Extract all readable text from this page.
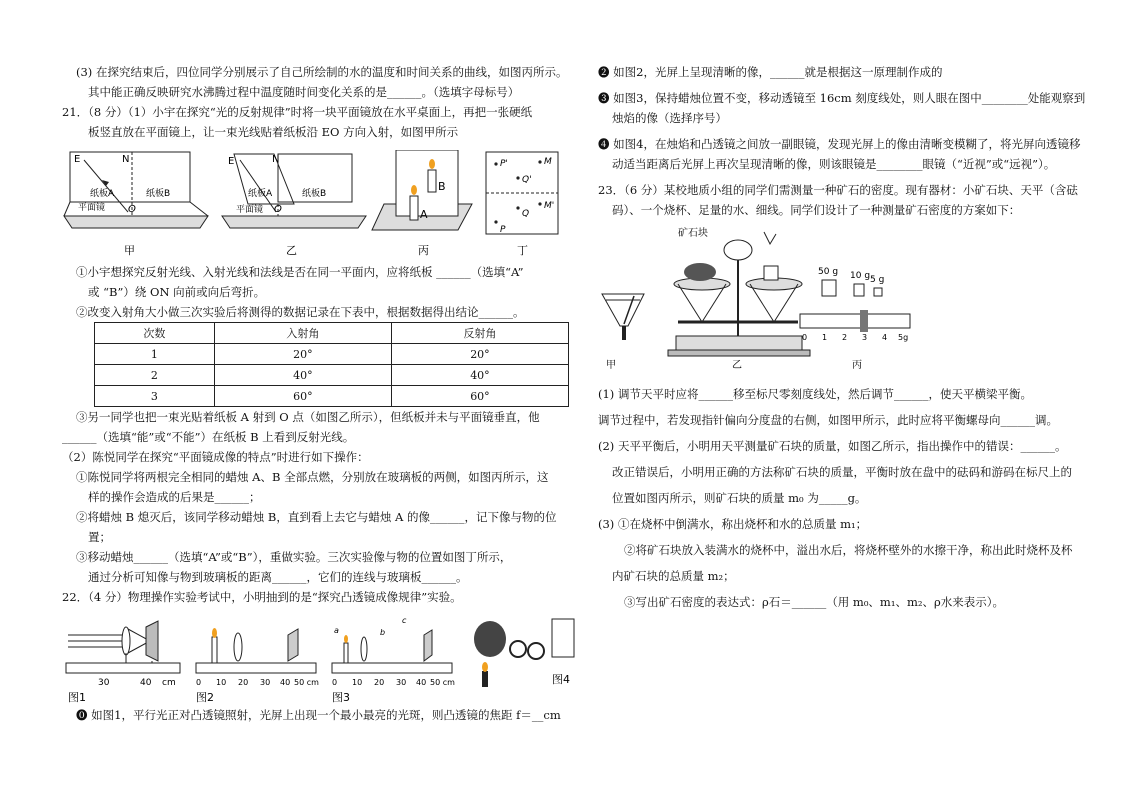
(3) 在探究结束后，四位同学分别展示了自己所绘制的水的温度和时间关系的曲线，如图丙所示。

其中能正确反映研究水沸腾过程中温度随时间变化关系的是______。（选填字母标号）

21．（8 分）（1）小宇在探究“光的反射规律”时将一块平面镜放在水平桌面上，再把一张硬纸

板竖直放在平面镜上，让一束光线贴着纸板沿 EO 方向入射，如图甲所示

E	N
纸板A	纸板B
平面镜 O
甲
E	N
纸板A	纸板B
平面镜 O
乙
B
A
丙
P'	M
Q'
M'
Q
P
丁

①小宇想探究反射光线、入射光线和法线是否在同一平面内，应将纸板 ______（选填“A”

或 “B”）绕 ON 向前或向后弯折。

②改变入射角大小做三次实验后将测得的数据记录在下表中，根据数据得出结论______。

次数	入射角	反射角
1	20°	20°
2	40°	40°
3	60°	60°

③另一同学也把一束光贴着纸板 A 射到 O 点（如图乙所示），但纸板并未与平面镜垂直，他

______（选填“能”或“不能”）在纸板 B 上看到反射光线。

（2）陈悦同学在探究“平面镜成像的特点”时进行如下操作：

①陈悦同学将两根完全相同的蜡烛 A、B 全部点燃，分别放在玻璃板的两侧，如图丙所示，这

样的操作会造成的后果是______；

②将蜡烛 B 熄灭后，该同学移动蜡烛 B，直到看上去它与蜡烛 A 的像______，记下像与物的位

置；

③移动蜡烛______（选填“A”或“B”），重做实验。三次实验像与物的位置如图丁所示，

通过分析可知像与物到玻璃板的距离______，它们的连线与玻璃板______。

22．（4 分）物理操作实验考试中，小明抽到的是“探究凸透镜成像规律”实验。

30	40 cm
图1
0 10 20 30 40 50 cm
图2
a	b
c
0 10 20 30 40 50 cm
图3
图4

⓿ 如图1，平行光正对凸透镜照射，光屏上出现一个最小最亮的光斑，则凸透镜的焦距 f＝__cm

❷ 如图2，光屏上呈现清晰的像，______就是根据这一原理制作成的

❸ 如图3，保持蜡烛位置不变，移动透镜至 16cm 刻度线处，则人眼在图中________处能观察到

烛焰的像（选择序号）

❹ 如图4，在烛焰和凸透镜之间放一副眼镜，发现光屏上的像由清晰变模糊了，将光屏向透镜移

动适当距离后光屏上再次呈现清晰的像，则该眼镜是________眼镜（“近视”或“远视”）。

23．（6 分）某校地质小组的同学们需测量一种矿石的密度。现有器材：小矿石块、天平（含砝

码）、一个烧杯、足量的水、细线。同学们设计了一种测量矿石密度的方案如下：

甲
矿石块
乙
50 g 10 g 5 g
0 1 2 3 4 5g
丙

(1) 调节天平时应将______移至标尺零刻度线处，然后调节______，使天平横梁平衡。

调节过程中，若发现指针偏向分度盘的右侧，如图甲所示，此时应将平衡螺母向______调。

(2) 天平平衡后，小明用天平测量矿石块的质量，如图乙所示，指出操作中的错误：______。

改正错误后，小明用正确的方法称矿石块的质量，平衡时放在盘中的砝码和游码在标尺上的

位置如图丙所示，则矿石块的质量 m₀ 为_____g。

(3) ①在烧杯中倒满水，称出烧杯和水的总质量 m₁；

②将矿石块放入装满水的烧杯中，溢出水后，将烧杯壁外的水擦干净，称出此时烧杯及杯

内矿石块的总质量 m₂；

③写出矿石密度的表达式：ρ石＝______（用 m₀、m₁、m₂、ρ水来表示）。
